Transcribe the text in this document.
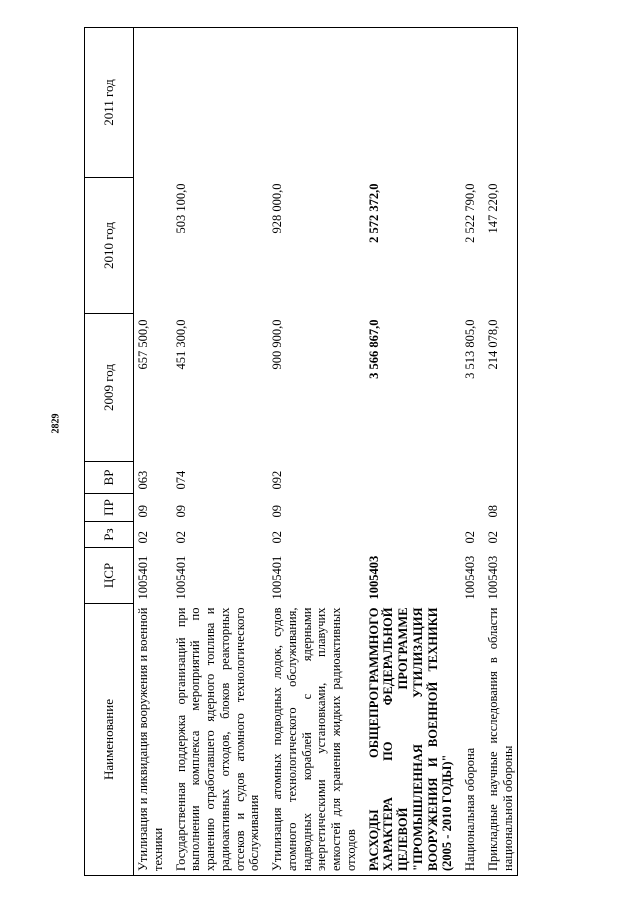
2829
Наименование	ЦСР	Рз	ПР	ВР	2009 год	2010 год	2011 год
Утилизация и ликвидация вооружения и военной техники	1005401	02	09	063	657 500,0		
Государственная поддержка организаций при выполнении комплекса мероприятий по хранению отработавшего ядерного топлива и радиоактивных отходов, блоков реакторных отсеков и судов атомного технологического обслуживания	1005401	02	09	074	451 300,0	503 100,0	
Утилизация атомных подводных лодок, судов атомного технологического обслуживания, надводных кораблей с ядерными энергетическими установками, плавучих емкостей для хранения жидких радиоактивных отходов	1005401	02	09	092	900 900,0	928 000,0	
РАСХОДЫ ОБЩЕПРОГРАММНОГО ХАРАКТЕРА ПО ФЕДЕРАЛЬНОЙ ЦЕЛЕВОЙ ПРОГРАММЕ "ПРОМЫШЛЕННАЯ УТИЛИЗАЦИЯ ВООРУЖЕНИЯ И ВОЕННОЙ ТЕХНИКИ (2005 - 2010 ГОДЫ)"	1005403				3 566 867,0	2 572 372,0	
Национальная оборона	1005403	02			3 513 805,0	2 522 790,0	
Прикладные научные исследования в области национальной обороны	1005403	02	08		214 078,0	147 220,0	
